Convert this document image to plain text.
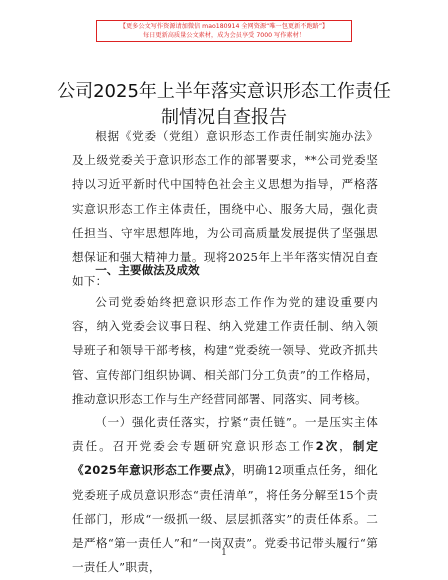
【更多公文写作资源请加微信 mao180914 全网资源“唯一包更新不跑路”】
每日更新高质量公文素材，成为会员享受 7000 写作素材！
公司2025年上半年落实意识形态工作责任制情况自查报告
根据《党委（党组）意识形态工作责任制实施办法》及上级党委关于意识形态工作的部署要求，**公司党委坚持以习近平新时代中国特色社会主义思想为指导，严格落实意识形态工作主体责任，围绕中心、服务大局，强化责任担当、守牢思想阵地，为公司高质量发展提供了坚强思想保证和强大精神力量。现将2025年上半年落实情况自查如下：
一、主要做法及成效
公司党委始终把意识形态工作作为党的建设重要内容，纳入党委会议事日程、纳入党建工作责任制、纳入领导班子和领导干部考核，构建“党委统一领导、党政齐抓共管、宣传部门组织协调、相关部门分工负责”的工作格局，推动意识形态工作与生产经营同部署、同落实、同考核。
（一）强化责任落实，拧紧“责任链”。一是压实主体责任。召开党委会专题研究意识形态工作2次，制定《2025年意识形态工作要点》，明确12项重点任务，细化党委班子成员意识形态“责任清单”，将任务分解至15个责任部门，形成“一级抓一级、层层抓落实”的责任体系。二是严格“第一责任人”和“一岗双责”。党委书记带头履行“第一责任人”职责，
1
